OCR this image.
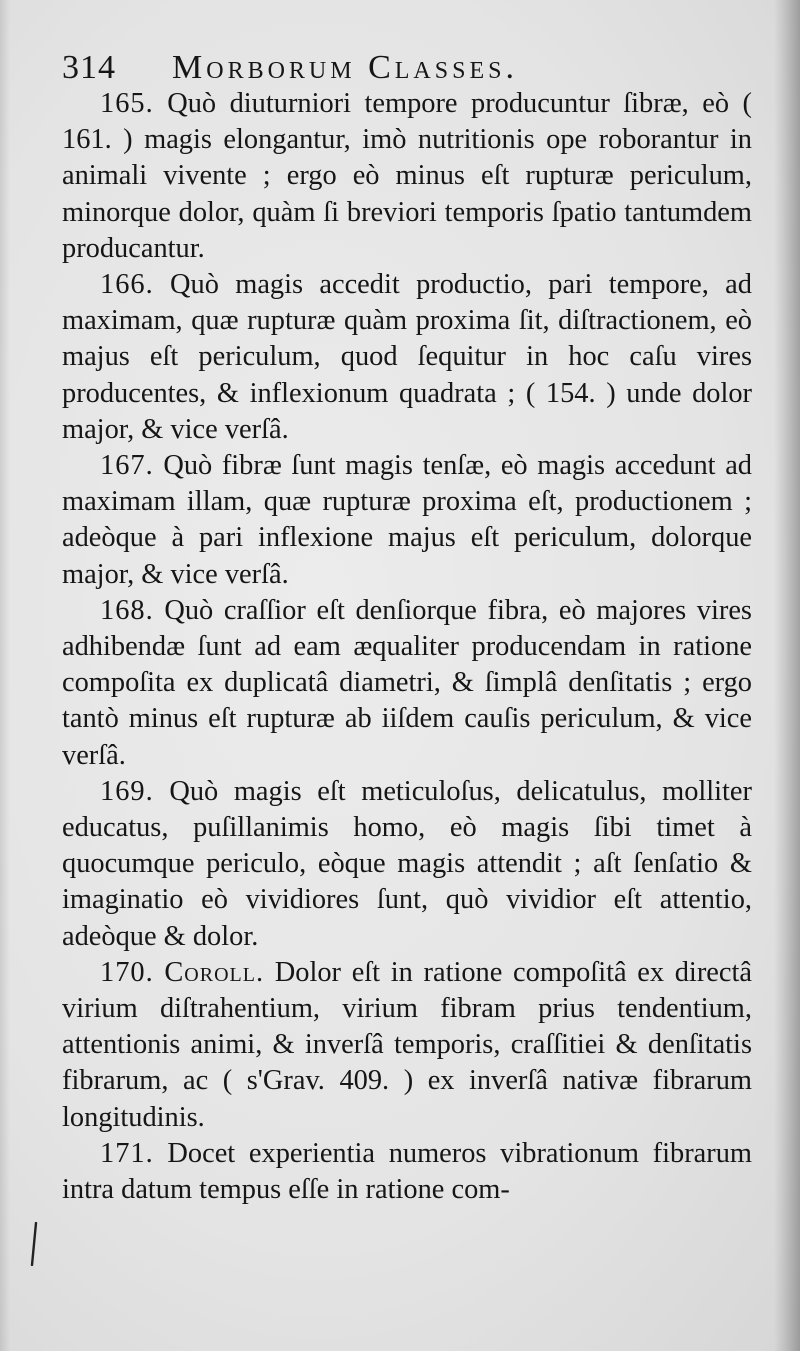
314 Morborum Classes.

165. Quò diuturniori tempore producuntur ſibræ, eò ( 161. ) magis elongantur, imò nutritionis ope roborantur in animali vivente ; ergo eò minus eſt rupturæ periculum, minorque dolor, quàm ſi breviori temporis ſpatio tantumdem producantur.

166. Quò magis accedit productio, pari tempore, ad maximam, quæ rupturæ quàm proxima ſit, diſtractionem, eò majus eſt periculum, quod ſequitur in hoc caſu vires producentes, & inflexionum quadrata ; ( 154. ) unde dolor major, & vice verſâ.

167. Quò fibræ ſunt magis tenſæ, eò magis accedunt ad maximam illam, quæ rupturæ proxima eſt, productionem ; adeòque à pari inflexione majus eſt periculum, dolorque major, & vice verſâ.

168. Quò craſſior eſt denſiorque fibra, eò majores vires adhibendæ ſunt ad eam æqualiter producendam in ratione compoſita ex duplicatâ diametri, & ſimplâ denſitatis ; ergo tantò minus eſt rupturæ ab iiſdem cauſis periculum, & vice verſâ.

169. Quò magis eſt meticuloſus, delicatulus, molliter educatus, puſillanimis homo, eò magis ſibi timet à quocumque periculo, eòque magis attendit ; aſt ſenſatio & imaginatio eò vividiores ſunt, quò vividior eſt attentio, adeòque & dolor.

170. Coroll. Dolor eſt in ratione compoſitâ ex directâ virium diſtrahentium, virium fibram prius tendentium, attentionis animi, & inverſâ temporis, craſſitiei & denſitatis fibrarum, ac ( s'Grav. 409. ) ex inverſâ nativæ fibrarum longitudinis.

171. Docet experientia numeros vibrationum fibrarum intra datum tempus eſſe in ratione com-
